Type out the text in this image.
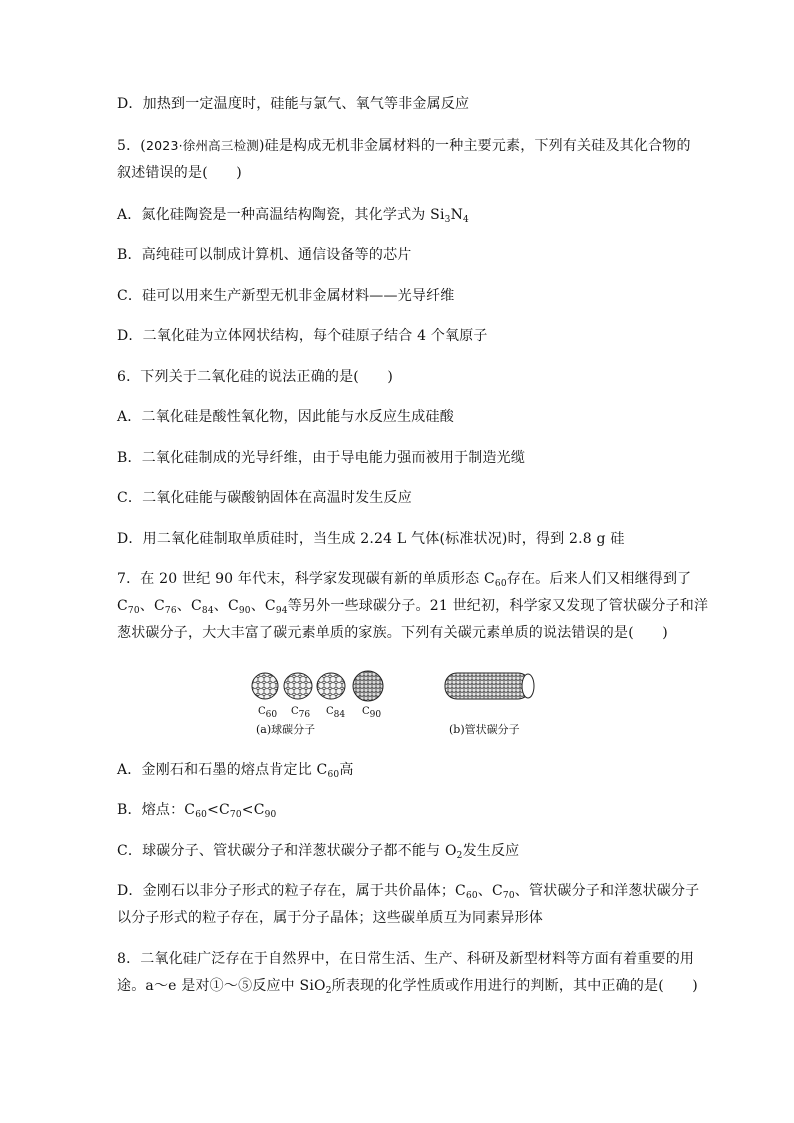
D．加热到一定温度时，硅能与氯气、氧气等非金属反应
5．(2023·徐州高三检测)硅是构成无机非金属材料的一种主要元素，下列有关硅及其化合物的
叙述错误的是(　　)
A．氮化硅陶瓷是一种高温结构陶瓷，其化学式为 $Si_3N_4$
B．高纯硅可以制成计算机、通信设备等的芯片
C．硅可以用来生产新型无机非金属材料——光导纤维
D．二氧化硅为立体网状结构，每个硅原子结合 4 个氧原子
6．下列关于二氧化硅的说法正确的是(　　)
A．二氧化硅是酸性氧化物，因此能与水反应生成硅酸
B．二氧化硅制成的光导纤维，由于导电能力强而被用于制造光缆
C．二氧化硅能与碳酸钠固体在高温时发生反应
D．用二氧化硅制取单质硅时，当生成 2.24 L 气体(标准状况)时，得到 2.8 g 硅
7．在 20 世纪 90 年代末，科学家发现碳有新的单质形态 $C_{60}$存在。后来人们又相继得到了
$C_{70}$、$C_{76}$、$C_{84}$、$C_{90}$、$C_{94}$等另外一些球碳分子。21 世纪初，科学家又发现了管状碳分子和洋
葱状碳分子，大大丰富了碳元素单质的家族。下列有关碳元素单质的说法错误的是(　　)
$C_{60}$ $C_{76}$ $C_{84}$ $C_{90}$
(a)球碳分子	(b)管状碳分子
A．金刚石和石墨的熔点肯定比 $C_{60}$高
B．熔点：$C_{60}<C_{70}<C_{90}$
C．球碳分子、管状碳分子和洋葱状碳分子都不能与 $O_2$发生反应
D．金刚石以非分子形式的粒子存在，属于共价晶体；$C_{60}$、$C_{70}$、管状碳分子和洋葱状碳分子
以分子形式的粒子存在，属于分子晶体；这些碳单质互为同素异形体
8．二氧化硅广泛存在于自然界中，在日常生活、生产、科研及新型材料等方面有着重要的用
途。a～e 是对①～⑤反应中 SiO$_2$所表现的化学性质或作用进行的判断，其中正确的是(　　)
